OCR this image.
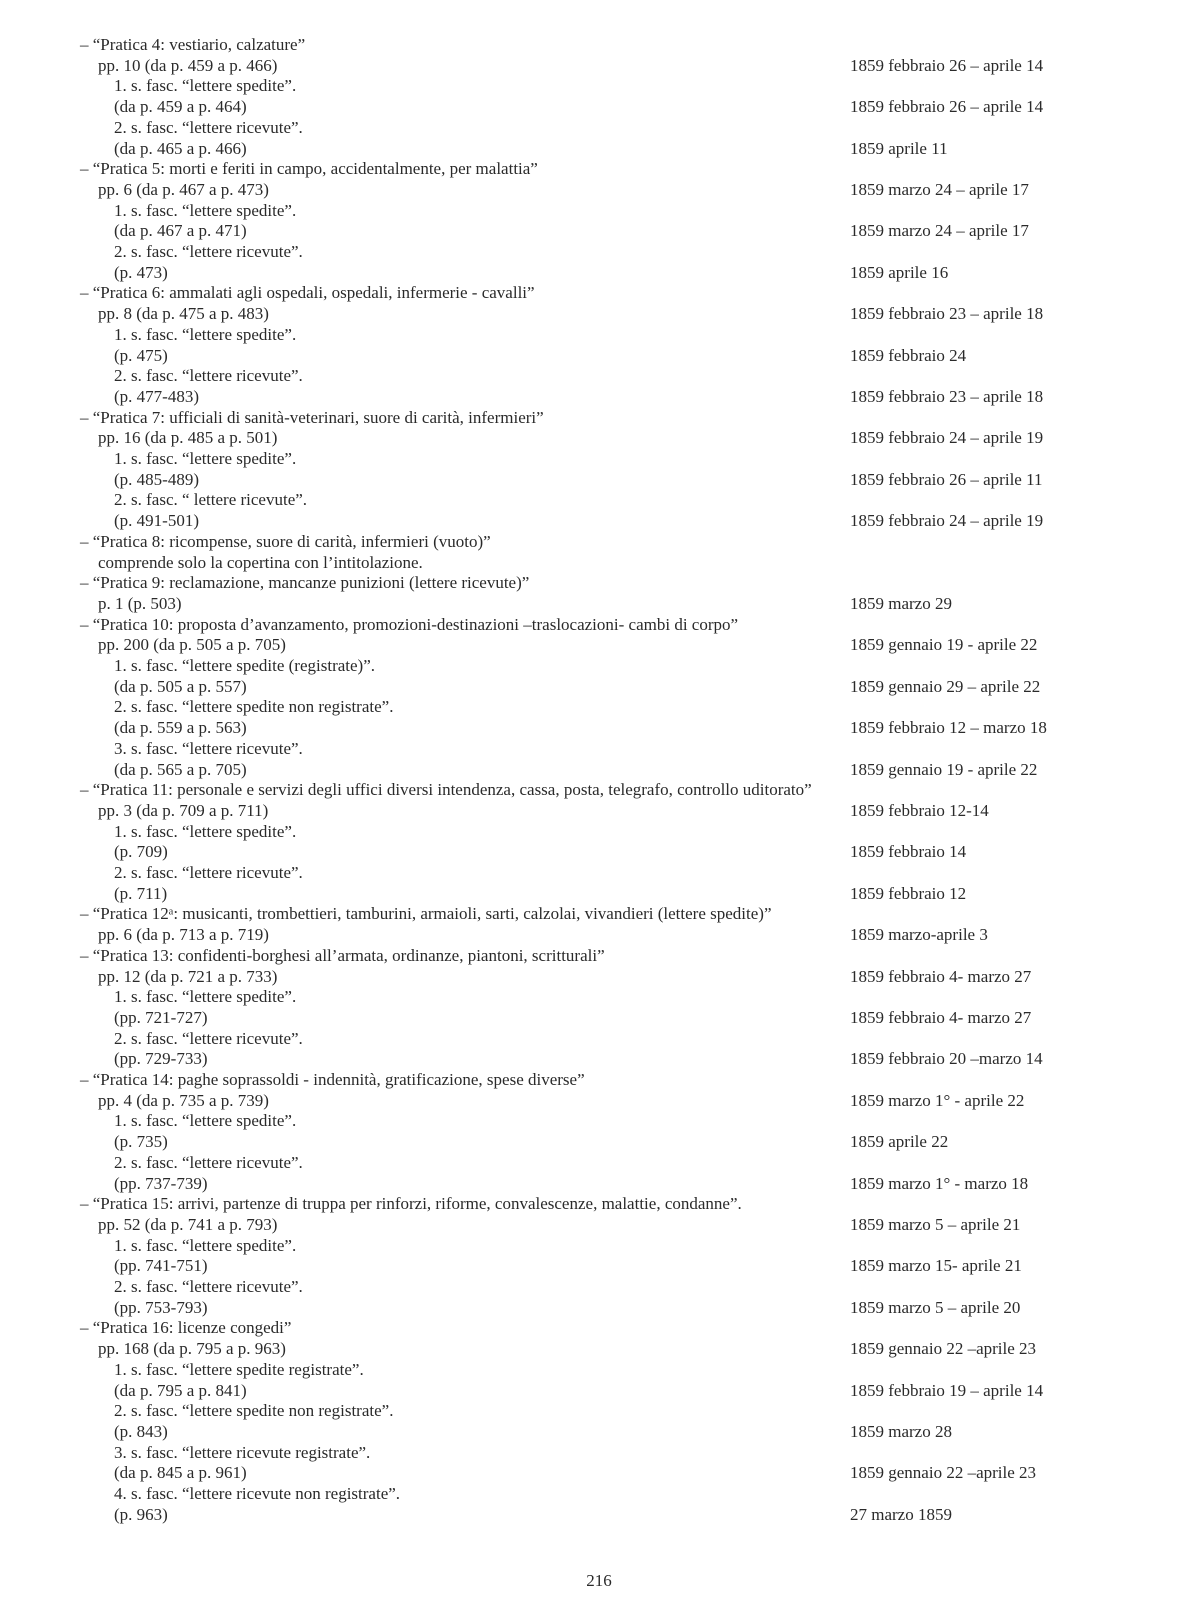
– “Pratica 4: vestiario, calzature”
pp. 10 (da p. 459 a p. 466)	1859 febbraio 26 – aprile 14
1. s. fasc. “lettere spedite”.
(da p. 459 a p. 464)	1859 febbraio 26 – aprile 14
2. s. fasc. “lettere ricevute”.
(da p. 465 a p. 466)	1859 aprile 11
– “Pratica 5: morti e feriti in campo, accidentalmente, per malattia”
pp. 6 (da p. 467 a p. 473)	1859 marzo 24 – aprile 17
1. s. fasc. “lettere spedite”.
(da p. 467 a p. 471)	1859 marzo 24 – aprile 17
2. s. fasc. “lettere ricevute”.
(p. 473)	1859 aprile 16
– “Pratica 6: ammalati agli ospedali, ospedali, infermerie - cavalli”
pp. 8 (da p. 475 a p. 483)	1859 febbraio 23 – aprile 18
1. s. fasc. “lettere spedite”.
(p. 475)	1859 febbraio 24
2. s. fasc. “lettere ricevute”.
(p. 477-483)	1859 febbraio 23 – aprile 18
– “Pratica 7: ufficiali di sanità-veterinari, suore di carità, infermieri”
pp. 16 (da p. 485 a p. 501)	1859 febbraio 24 – aprile 19
1. s. fasc. “lettere spedite”.
(p. 485-489)	1859 febbraio 26 – aprile 11
2. s. fasc. “ lettere ricevute”.
(p. 491-501)	1859 febbraio 24 – aprile 19
– “Pratica 8: ricompense, suore di carità, infermieri (vuoto)”
comprende solo la copertina con l’intitolazione.
– “Pratica 9: reclamazione, mancanze punizioni (lettere ricevute)”
p. 1 (p. 503)	1859 marzo 29
– “Pratica 10: proposta d’avanzamento, promozioni-destinazioni –traslocazioni- cambi di corpo”
pp. 200 (da p. 505 a p. 705)	1859 gennaio 19 - aprile 22
1. s. fasc. “lettere spedite (registrate)”.
(da p. 505 a p. 557)	1859 gennaio 29 – aprile 22
2. s. fasc. “lettere spedite non registrate”.
(da p. 559 a p. 563)	1859 febbraio 12 – marzo 18
3. s. fasc. “lettere ricevute”.
(da p. 565 a p. 705)	1859 gennaio 19 - aprile 22
– “Pratica 11: personale e servizi degli uffici diversi intendenza, cassa, posta, telegrafo, controllo uditorato”
pp. 3 (da p. 709 a p. 711)	1859 febbraio 12-14
1. s. fasc. “lettere spedite”.
(p. 709)	1859 febbraio 14
2. s. fasc. “lettere ricevute”.
(p. 711)	1859 febbraio 12
– “Pratica 12ᵃ: musicanti, trombettieri, tamburini, armaioli, sarti, calzolai, vivandieri (lettere spedite)”
pp. 6 (da p. 713 a p. 719)	1859 marzo-aprile 3
– “Pratica 13: confidenti-borghesi all’armata, ordinanze, piantoni, scritturali”
pp. 12 (da p. 721 a p. 733)	1859 febbraio 4- marzo 27
1. s. fasc. “lettere spedite”.
(pp. 721-727)	1859 febbraio 4- marzo 27
2. s. fasc. “lettere ricevute”.
(pp. 729-733)	1859 febbraio 20 –marzo 14
– “Pratica 14: paghe soprassoldi - indennità, gratificazione, spese diverse”
pp. 4 (da p. 735 a p. 739)	1859 marzo 1° - aprile 22
1. s. fasc. “lettere spedite”.
(p. 735)	1859 aprile 22
2. s. fasc. “lettere ricevute”.
(pp. 737-739)	1859 marzo 1° - marzo 18
– “Pratica 15: arrivi, partenze di truppa per rinforzi, riforme, convalescenze, malattie, condanne”.
pp. 52 (da p. 741 a p. 793)	1859 marzo 5 – aprile 21
1. s. fasc. “lettere spedite”.
(pp. 741-751)	1859 marzo 15- aprile 21
2. s. fasc. “lettere ricevute”.
(pp. 753-793)	1859 marzo 5 – aprile 20
– “Pratica 16: licenze congedi”
pp. 168 (da p. 795 a p. 963)	1859 gennaio 22 –aprile 23
1. s. fasc. “lettere spedite registrate”.
(da p. 795 a p. 841)	1859 febbraio 19 – aprile 14
2. s. fasc. “lettere spedite non registrate”.
(p. 843)	1859 marzo 28
3. s. fasc. “lettere ricevute registrate”.
(da p. 845 a p. 961)	1859 gennaio 22 –aprile 23
4. s. fasc. “lettere ricevute non registrate”.
(p. 963)	27 marzo 1859
216
